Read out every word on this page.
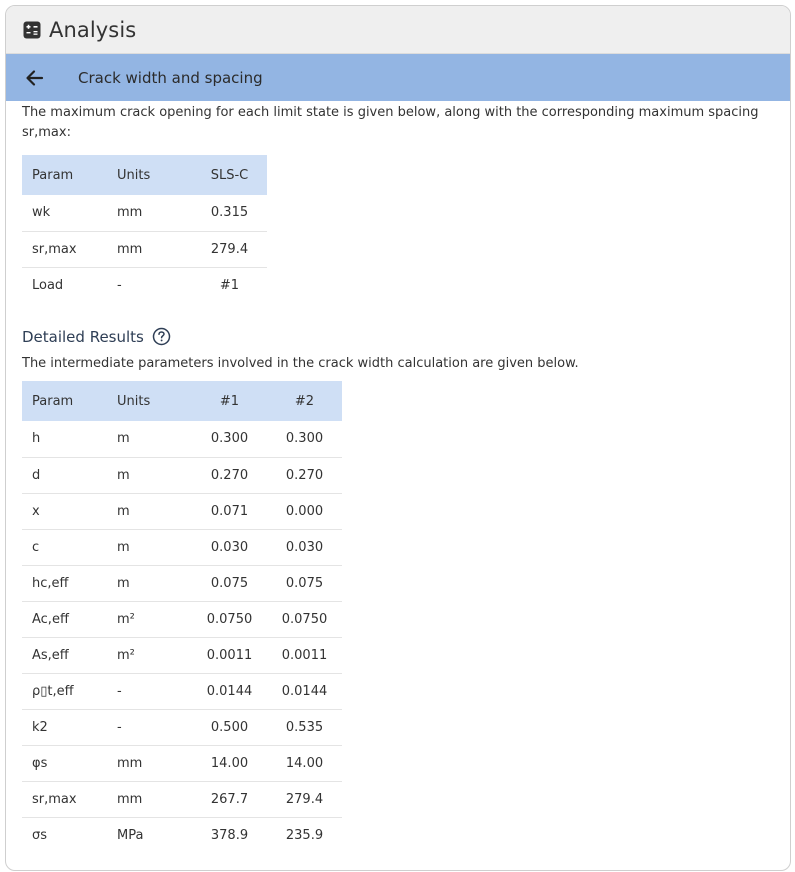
Analysis
Crack width and spacing

The maximum crack opening for each limit state is given below, along with the corresponding maximum spacing sr,max:

Param	Units	SLS-C
wk	mm	0.315
sr,max	mm	279.4
Load	-	#1
Detailed Results
The intermediate parameters involved in the crack width calculation are given below.
Param	Units	#1	#2
h	m	0.300	0.300
d	m	0.270	0.270
x	m	0.071	0.000
c	m	0.030	0.030
hc,eff	m	0.075	0.075
Ac,eff	m²	0.0750	0.0750
As,eff	m²	0.0011	0.0011
ρ▯t,eff	-	0.0144	0.0144
k2	-	0.500	0.535
φs	mm	14.00	14.00
sr,max	mm	267.7	279.4
σs	MPa	378.9	235.9
